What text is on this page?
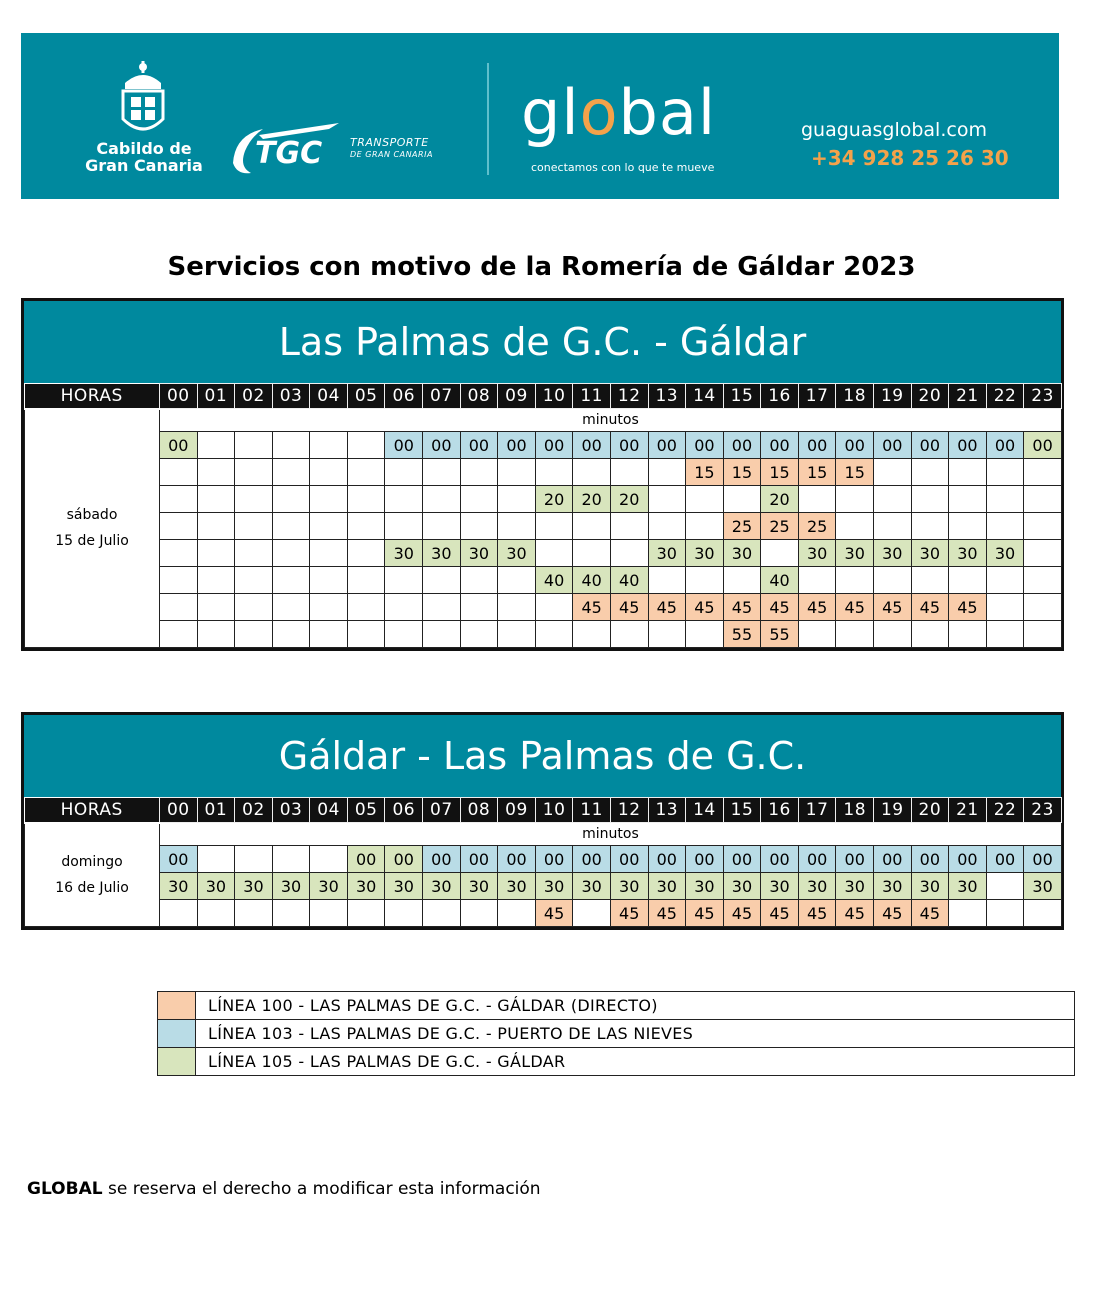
Cabildo de
Gran Canaria TGC	TRANSPORTE
DE GRAN CANARIA
global
conectamos con lo que te mueve
guaguasglobal.com
+34 928 25 26 30
Servicios con motivo de la Romería de Gáldar 2023
Las Palmas de G.C. - Gáldar
HORAS	00	01	02	03	04	05	06	07	08	09	10	11	12	13	14	15	16	17	18	19	20	21	22	23

sábado
15 de Julio	minutos																							
	00						00	00	00	00	00	00	00	00	00	00	00	00	00	00	00	00	00	00
															15	15	15	15	15					
											20	20	20				20							
																25	25	25						
							30	30	30	30				30	30	30		30	30	30	30	30	30	
											40	40	40				40							
												45	45	45	45	45	45	45	45	45	45	45		
																55	55							
Gáldar - Las Palmas de G.C.
HORAS	00	01	02	03	04	05	06	07	08	09	10	11	12	13	14	15	16	17	18	19	20	21	22	23

domingo
16 de Julio	minutos																							
	00					00	00	00	00	00	00	00	00	00	00	00	00	00	00	00	00	00	00	00
	30	30	30	30	30	30	30	30	30	30	30	30	30	30	30	30	30	30	30	30	30	30		30
											45		45	45	45	45	45	45	45	45	45			
	LÍNEA 100 - LAS PALMAS DE G.C. - GÁLDAR (DIRECTO)
	LÍNEA 103 - LAS PALMAS DE G.C. - PUERTO DE LAS NIEVES
	LÍNEA 105 - LAS PALMAS DE G.C. - GÁLDAR
GLOBAL se reserva el derecho a modificar esta información
